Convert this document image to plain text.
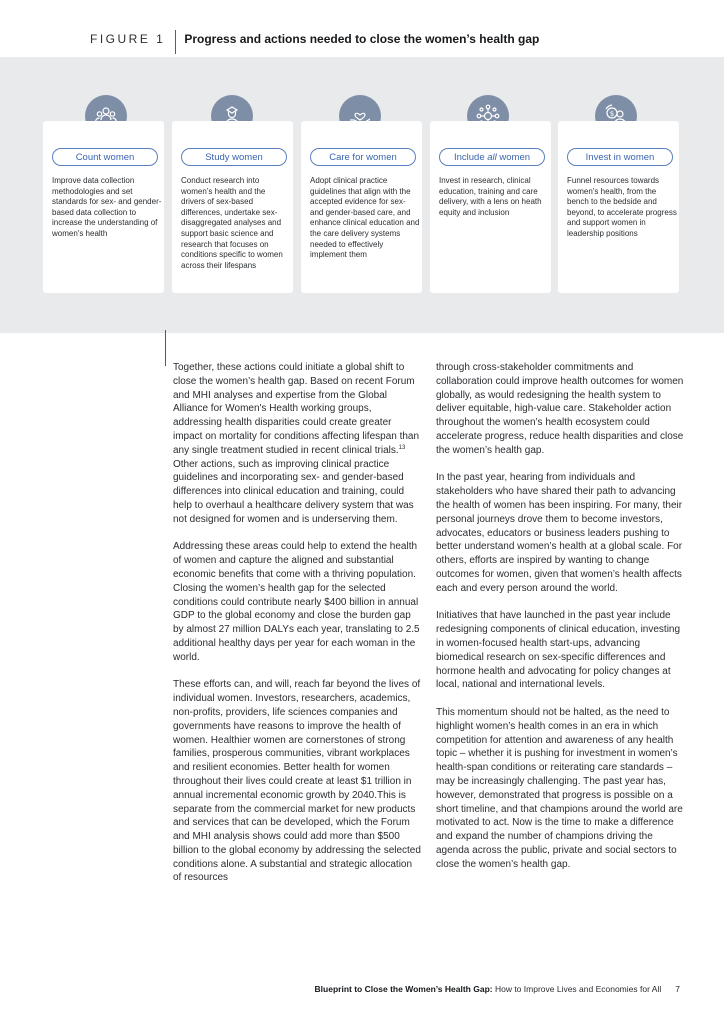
FIGURE 1 Progress and actions needed to close the women’s health gap
$
Count women
Improve data collection methodologies and set standards for sex- and gender-based data collection to increase the understanding of women's health
Study women
Conduct research into women’s health and the drivers of sex-based differences, undertake sex-disaggregated analyses and support basic science and research that focuses on conditions specific to women across their lifespans
Care for women
Adopt clinical practice guidelines that align with the accepted evidence for sex- and gender-based care, and enhance clinical education and the care delivery systems needed to effectively implement them
Include all women
Invest in research, clinical education, training and care delivery, with a lens on heath equity and inclusion
Invest in women
Funnel resources towards women’s health, from the bench to the bedside and beyond, to accelerate progress and support women in leadership positions

Together, these actions could initiate a global shift to close the women’s health gap. Based on recent Forum and MHI analyses and expertise from the Global Alliance for Women's Health working groups, addressing health disparities could create greater impact on mortality for conditions affecting lifespan than any single treatment studied in recent clinical trials.$^{13}$ Other actions, such as improving clinical practice guidelines and incorporating sex- and gender-based differences into clinical education and training, could help to overhaul a healthcare delivery system that was not designed for women and is underserving them.

Addressing these areas could help to extend the health of women and capture the aligned and substantial economic benefits that come with a thriving population. Closing the women’s health gap for the selected conditions could contribute nearly $400 billion in annual GDP to the global economy and close the burden gap by almost 27 million DALYs each year, translating to 2.5 additional healthy days per year for each woman in the world.

These efforts can, and will, reach far beyond the lives of individual women. Investors, researchers, academics, non-profits, providers, life sciences companies and governments have reasons to improve the health of women. Healthier women are cornerstones of strong families, prosperous communities, vibrant workplaces and resilient economies. Better health for women throughout their lives could create at least $1 trillion in annual incremental economic growth by 2040.This is separate from the commercial market for new products and services that can be developed, which the Forum and MHI analysis shows could add more than $500 billion to the global economy by addressing the selected conditions alone. A substantial and strategic allocation of resources

through cross-stakeholder commitments and collaboration could improve health outcomes for women globally, as would redesigning the health system to deliver equitable, high-value care. Stakeholder action throughout the women’s health ecosystem could accelerate progress, reduce health disparities and close the women’s health gap.

In the past year, hearing from individuals and stakeholders who have shared their path to advancing the health of women has been inspiring. For many, their personal journeys drove them to become investors, advocates, educators or business leaders pushing to better understand women’s health at a global scale. For others, efforts are inspired by wanting to change outcomes for women, given that women’s health affects each and every person around the world.

Initiatives that have launched in the past year include redesigning components of clinical education, investing in women-focused health start-ups, advancing biomedical research on sex-specific differences and hormone health and advocating for policy changes at local, national and international levels.

This momentum should not be halted, as the need to highlight women’s health comes in an era in which competition for attention and awareness of any health topic – whether it is pushing for investment in women’s health-span conditions or reiterating care standards – may be increasingly challenging. The past year has, however, demonstrated that progress is possible on a short timeline, and that champions around the world are motivated to act. Now is the time to make a difference and expand the number of champions driving the agenda across the public, private and social sectors to close the women’s health gap.

Blueprint to Close the Women’s Health Gap: How to Improve Lives and Economies for All 7
